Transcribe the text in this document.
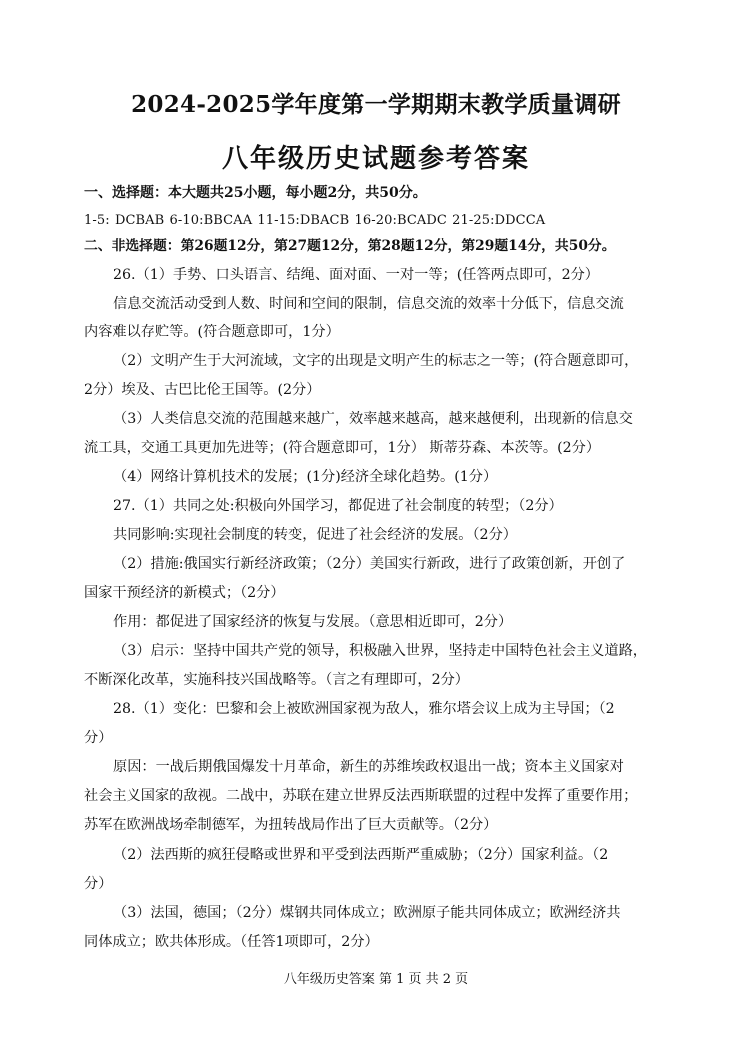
2024-2025学年度第一学期期末教学质量调研
八年级历史试题参考答案
一、选择题：本大题共25小题，每小题2分，共50分。
1-5: DCBAB 6-10:BBCAA 11-15:DBACB 16-20:BCADC 21-25:DDCCA
二、非选择题：第26题12分，第27题12分，第28题12分，第29题14分，共50分。
26.（1）手势、口头语言、结绳、面对面、一对一等；(任答两点即可，2分）
信息交流活动受到人数、时间和空间的限制，信息交流的效率十分低下，信息交流
内容难以存贮等。(符合题意即可，1分）
（2）文明产生于大河流域，文字的出现是文明产生的标志之一等；(符合题意即可，
2分）埃及、古巴比伦王国等。(2分）
（3）人类信息交流的范围越来越广，效率越来越高，越来越便利，出现新的信息交
流工具，交通工具更加先进等；(符合题意即可，1分） 斯蒂芬森、本茨等。(2分）
（4）网络计算机技术的发展；(1分)经济全球化趋势。(1分）
27.（1）共同之处:积极向外国学习，都促进了社会制度的转型；（2分）
共同影响:实现社会制度的转变，促进了社会经济的发展。（2分）
（2）措施:俄国实行新经济政策；（2分）美国实行新政，进行了政策创新，开创了
国家干预经济的新模式；（2分）
作用：都促进了国家经济的恢复与发展。（意思相近即可，2分）
（3）启示：坚持中国共产党的领导，积极融入世界，坚持走中国特色社会主义道路，
不断深化改革，实施科技兴国战略等。（言之有理即可，2分）
28.（1）变化：巴黎和会上被欧洲国家视为敌人，雅尔塔会议上成为主导国；（2
分）
原因：一战后期俄国爆发十月革命，新生的苏维埃政权退出一战；资本主义国家对
社会主义国家的敌视。二战中，苏联在建立世界反法西斯联盟的过程中发挥了重要作用；
苏军在欧洲战场牵制德军，为扭转战局作出了巨大贡献等。（2分）
（2）法西斯的疯狂侵略或世界和平受到法西斯严重威胁；（2分）国家利益。（2
分）
（3）法国，德国；（2分）煤钢共同体成立；欧洲原子能共同体成立；欧洲经济共
同体成立；欧共体形成。（任答1项即可，2分）
八年级历史答案 第 1 页 共 2 页
